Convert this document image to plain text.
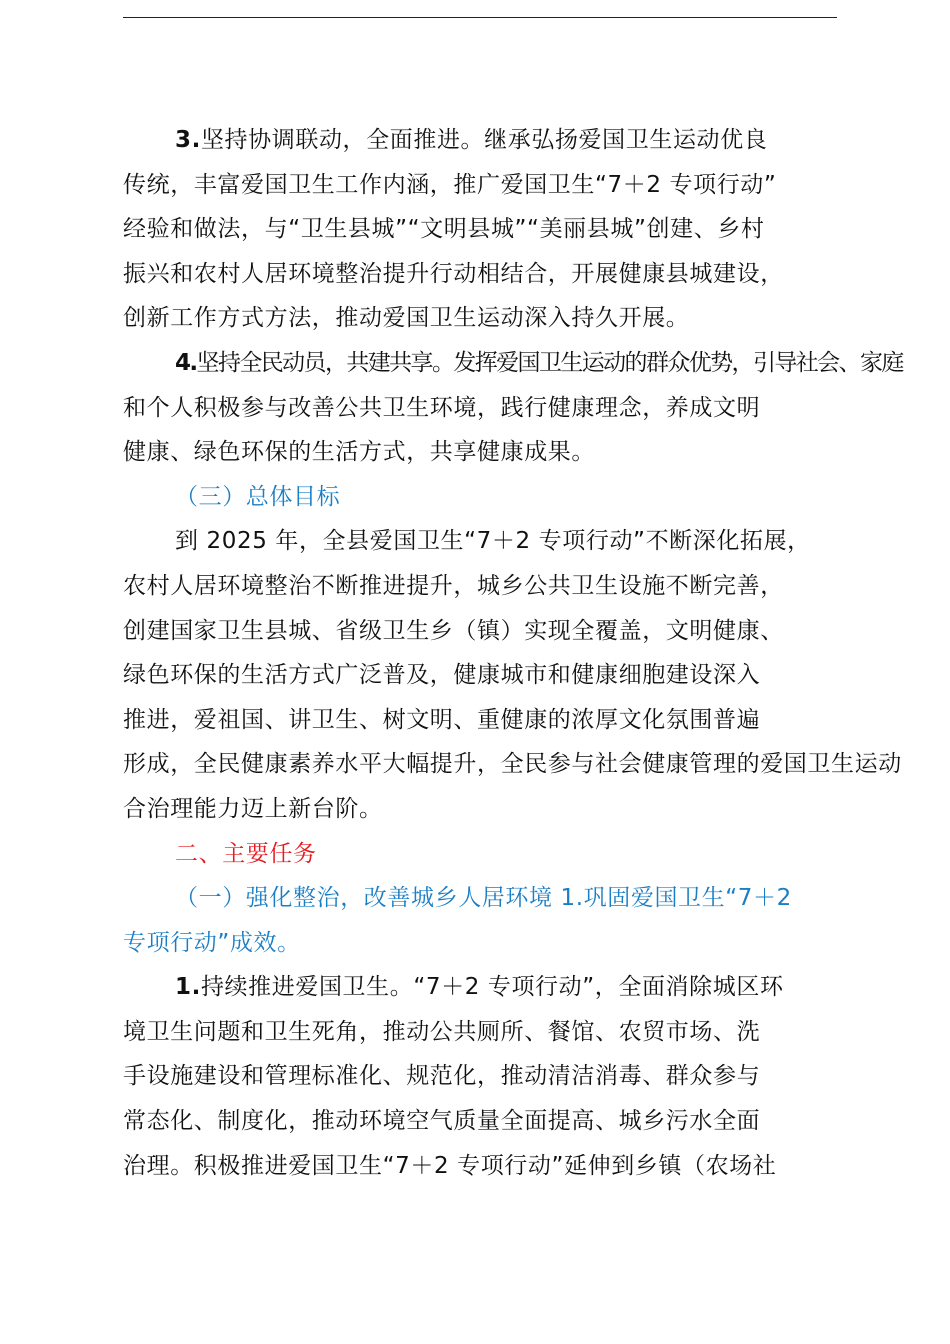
3.坚持协调联动，全面推进。继承弘扬爱国卫生运动优良
传统，丰富爱国卫生工作内涵，推广爱国卫生“7＋2 专项行动”
经验和做法，与“卫生县城”“文明县城”“美丽县城”创建、乡村
振兴和农村人居环境整治提升行动相结合，开展健康县城建设，
创新工作方式方法，推动爱国卫生运动深入持久开展。
4.坚持全民动员，共建共享。发挥爱国卫生运动的群众优势，引导社会、家庭
和个人积极参与改善公共卫生环境，践行健康理念，养成文明
健康、绿色环保的生活方式，共享健康成果。
（三）总体目标
到 2025 年，全县爱国卫生“7＋2 专项行动”不断深化拓展，
农村人居环境整治不断推进提升，城乡公共卫生设施不断完善，
创建国家卫生县城、省级卫生乡（镇）实现全覆盖，文明健康、
绿色环保的生活方式广泛普及，健康城市和健康细胞建设深入
推进，爱祖国、讲卫生、树文明、重健康的浓厚文化氛围普遍
形成，全民健康素养水平大幅提升，全民参与社会健康管理的爱国卫生运动
合治理能力迈上新台阶。
二、主要任务
（一）强化整治，改善城乡人居环境 1.巩固爱国卫生“7＋2
专项行动”成效。
1.持续推进爱国卫生。“7＋2 专项行动”，全面消除城区环
境卫生问题和卫生死角，推动公共厕所、餐馆、农贸市场、洗
手设施建设和管理标准化、规范化，推动清洁消毒、群众参与
常态化、制度化，推动环境空气质量全面提高、城乡污水全面
治理。积极推进爱国卫生“7＋2 专项行动”延伸到乡镇（农场社
